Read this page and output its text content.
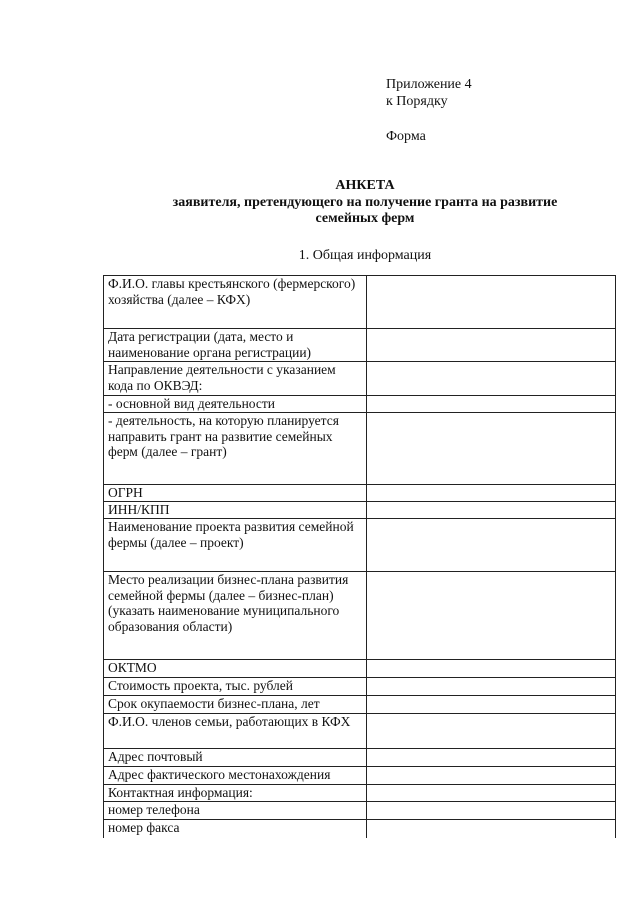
Приложение 4
к Порядку
Форма
АНКЕТА
заявителя, претендующего на получение гранта на развитие семейных ферм
1. Общая информация
Ф.И.О. главы крестьянского (фермерского) хозяйства (далее – КФХ)	
Дата регистрации (дата, место и наименование органа регистрации)	
Направление деятельности с указанием кода по ОКВЭД:	
- основной вид деятельности	
- деятельность, на которую планируется направить грант на развитие семейных ферм (далее – грант)	
ОГРН	
ИНН/КПП	
Наименование проекта развития семейной фермы (далее – проект)	
Место реализации бизнес-плана развития семейной фермы (далее – бизнес-план) (указать наименование муниципального образования области)	
ОКТМО	
Стоимость проекта, тыс. рублей	
Срок окупаемости бизнес-плана, лет	
Ф.И.О. членов семьи, работающих в КФХ	
Адрес почтовый	
Адрес фактического местонахождения	
Контактная информация:	
номер телефона	
номер факса	
